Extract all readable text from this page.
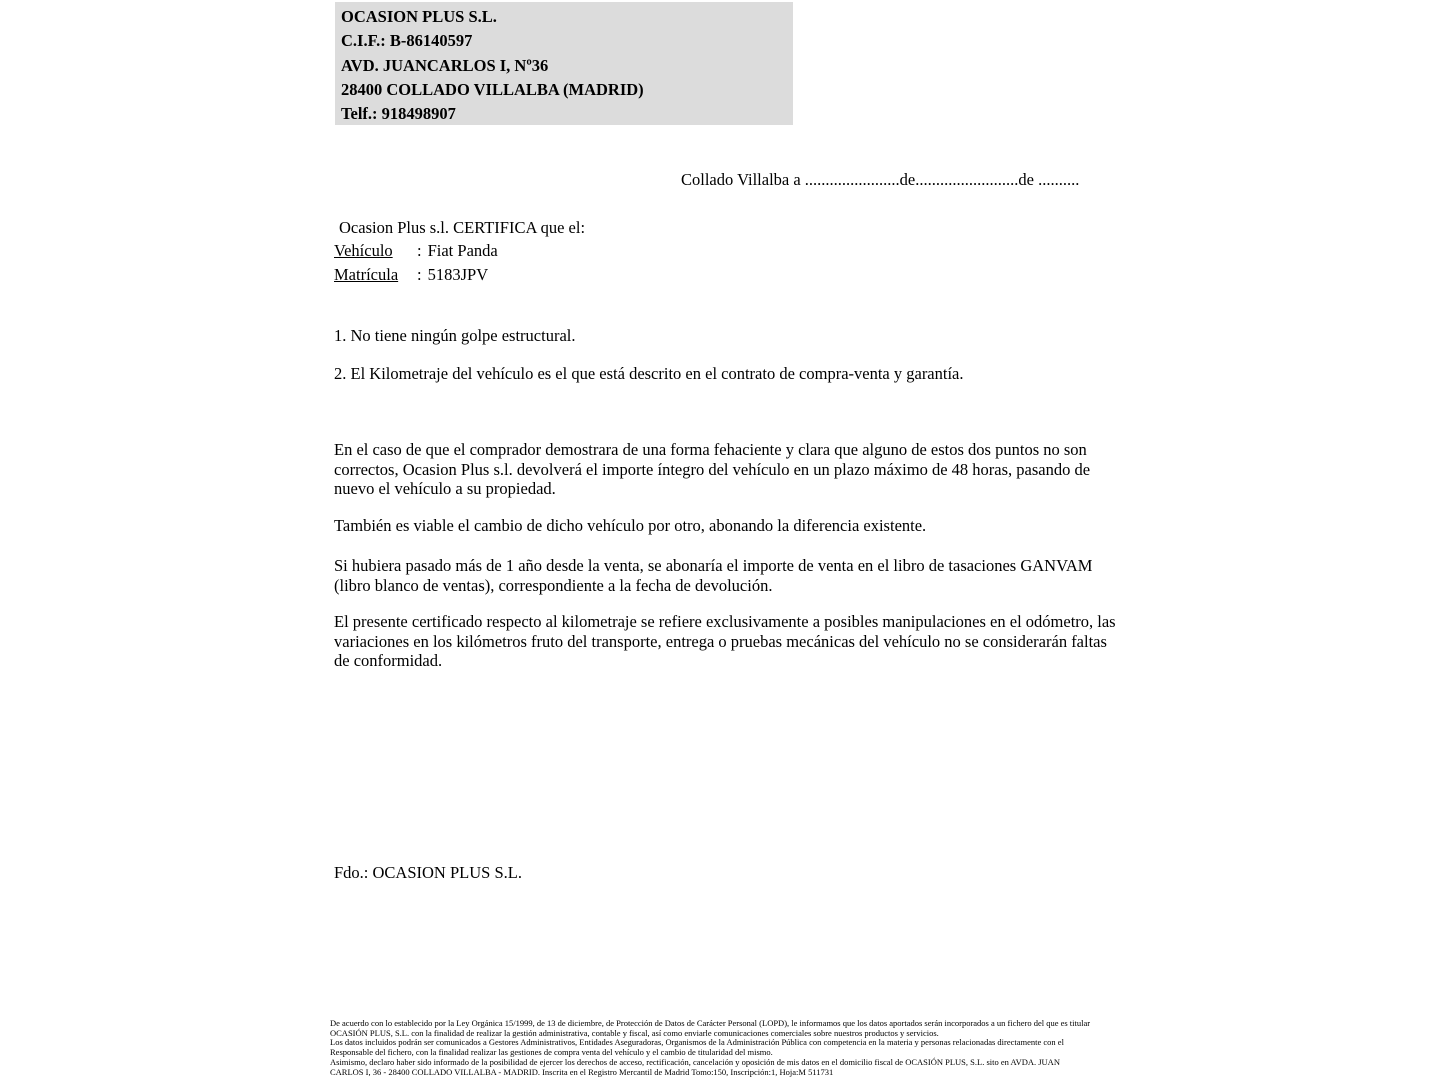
OCASION PLUS S.L.
C.I.F.: B-86140597
AVD. JUANCARLOS I, Nº36
28400 COLLADO VILLALBA (MADRID)
Telf.: 918498907
Collado Villalba a .......................de.........................de ..........
Ocasion Plus s.l. CERTIFICA que el:
Vehículo	: Fiat Panda
Matrícula	: 5183JPV
1. No tiene ningún golpe estructural.
2. El Kilometraje del vehículo es el que está descrito en el contrato de compra-venta y garantía.
En el caso de que el comprador demostrara de una forma fehaciente y clara que alguno de estos dos puntos no son correctos, Ocasion Plus s.l. devolverá el importe íntegro del vehículo en un plazo máximo de 48 horas, pasando de nuevo el vehículo a su propiedad.
También es viable el cambio de dicho vehículo por otro, abonando la diferencia existente.
Si hubiera pasado más de 1 año desde la venta, se abonaría el importe de venta en el libro de tasaciones GANVAM (libro blanco de ventas), correspondiente a la fecha de devolución.
El presente certificado respecto al kilometraje se refiere exclusivamente a posibles manipulaciones en el odómetro, las variaciones en los kilómetros fruto del transporte, entrega o pruebas mecánicas del vehículo no se considerarán faltas de conformidad.
Fdo.: OCASION PLUS S.L.
De acuerdo con lo establecido por la Ley Orgánica 15/1999, de 13 de diciembre, de Protección de Datos de Carácter Personal (LOPD), le informamos que los datos aportados serán incorporados a un fichero del que es titular
OCASIÓN PLUS, S.L. con la finalidad de realizar la gestión administrativa, contable y fiscal, así como enviarle comunicaciones comerciales sobre nuestros productos y servicios.
Los datos incluidos podrán ser comunicados a Gestores Administrativos, Entidades Aseguradoras, Organismos de la Administración Pública con competencia en la materia y personas relacionadas directamente con el
Responsable del fichero, con la finalidad realizar las gestiones de compra venta del vehículo y el cambio de titularidad del mismo.
Asimismo, declaro haber sido informado de la posibilidad de ejercer los derechos de acceso, rectificación, cancelación y oposición de mis datos en el domicilio fiscal de OCASIÓN PLUS, S.L. sito en AVDA. JUAN
CARLOS I, 36 - 28400 COLLADO VILLALBA - MADRID. Inscrita en el Registro Mercantil de Madrid Tomo:150, Inscripción:1, Hoja:M 511731
